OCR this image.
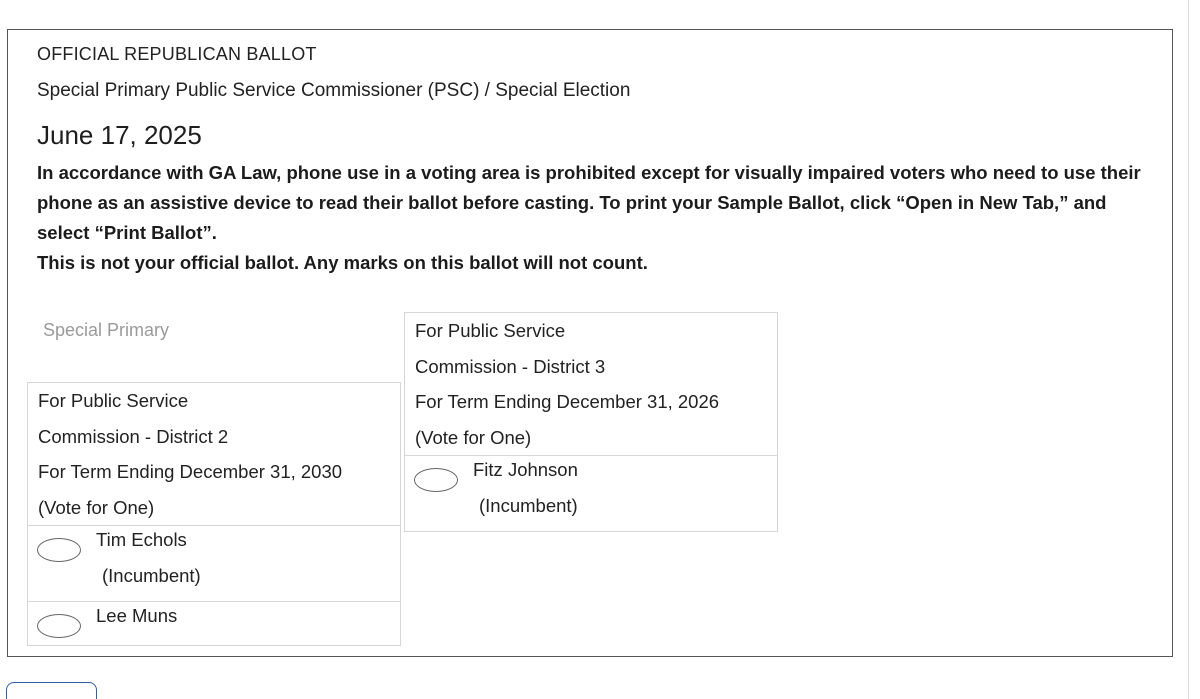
OFFICIAL REPUBLICAN BALLOT
Special Primary Public Service Commissioner (PSC) / Special Election
June 17, 2025

In accordance with GA Law, phone use in a voting area is prohibited except for visually impaired voters who need to use their phone as an assistive device to read their ballot before casting. To print your Sample Ballot, click “Open in New Tab,” and select “Print Ballot”.

This is not your official ballot. Any marks on this ballot will not count.

Special Primary
For Public Service
Commission - District 2
For Term Ending December 31, 2030
(Vote for One)
Tim Echols
(Incumbent)
Lee Muns
For Public Service
Commission - District 3
For Term Ending December 31, 2026
(Vote for One)
Fitz Johnson
(Incumbent)
